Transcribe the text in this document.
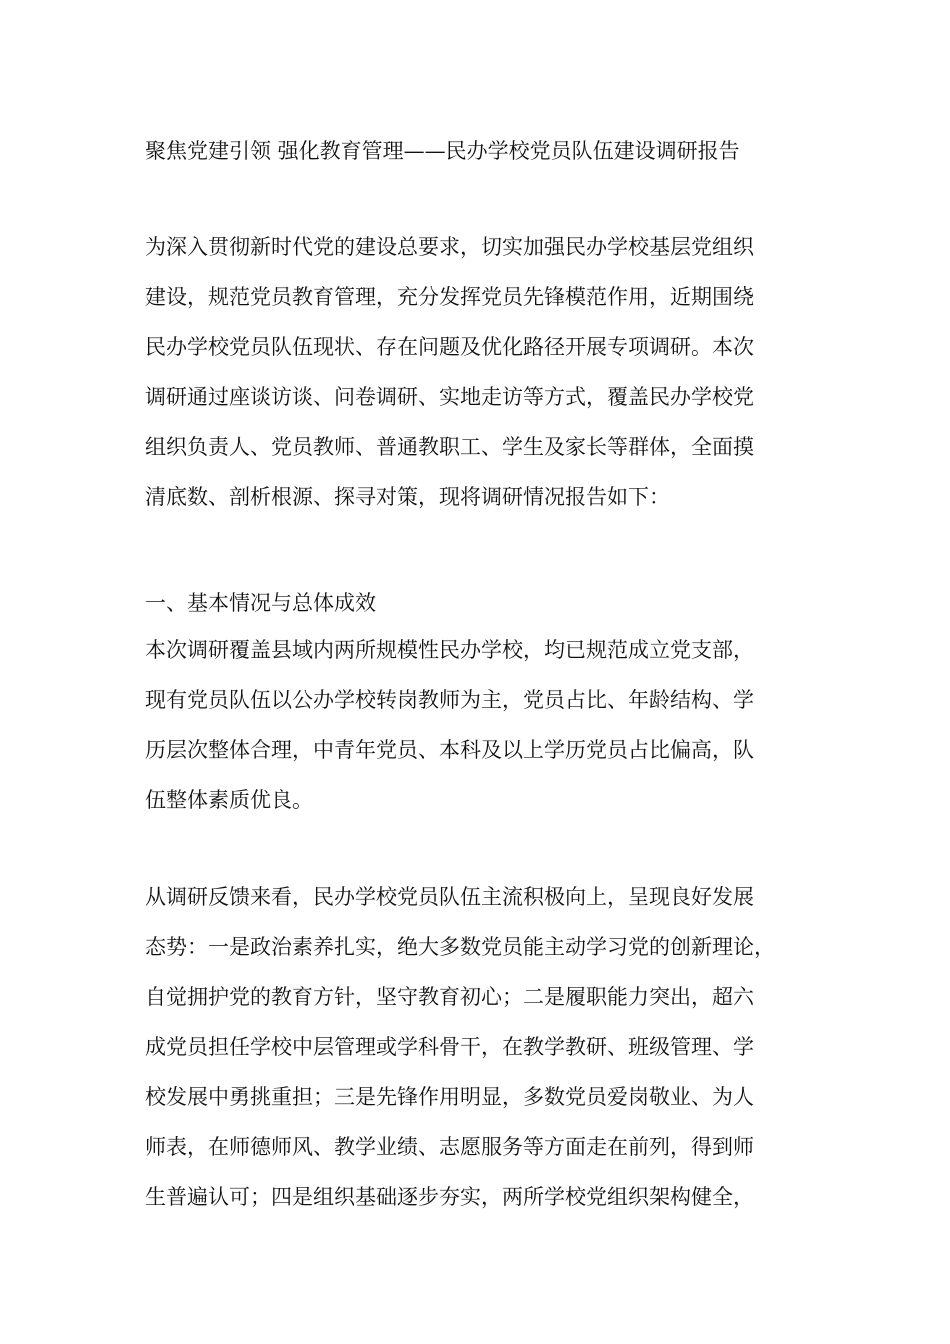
聚焦党建引领 强化教育管理——民办学校党员队伍建设调研报告
为深入贯彻新时代党的建设总要求，切实加强民办学校基层党组织
建设，规范党员教育管理，充分发挥党员先锋模范作用，近期围绕
民办学校党员队伍现状、存在问题及优化路径开展专项调研。本次
调研通过座谈访谈、问卷调研、实地走访等方式，覆盖民办学校党
组织负责人、党员教师、普通教职工、学生及家长等群体，全面摸
清底数、剖析根源、探寻对策，现将调研情况报告如下：
一、基本情况与总体成效
本次调研覆盖县域内两所规模性民办学校，均已规范成立党支部，
现有党员队伍以公办学校转岗教师为主，党员占比、年龄结构、学
历层次整体合理，中青年党员、本科及以上学历党员占比偏高，队
伍整体素质优良。
从调研反馈来看，民办学校党员队伍主流积极向上，呈现良好发展
态势：一是政治素养扎实，绝大多数党员能主动学习党的创新理论，
自觉拥护党的教育方针，坚守教育初心；二是履职能力突出，超六
成党员担任学校中层管理或学科骨干，在教学教研、班级管理、学
校发展中勇挑重担；三是先锋作用明显，多数党员爱岗敬业、为人
师表，在师德师风、教学业绩、志愿服务等方面走在前列，得到师
生普遍认可；四是组织基础逐步夯实，两所学校党组织架构健全，
